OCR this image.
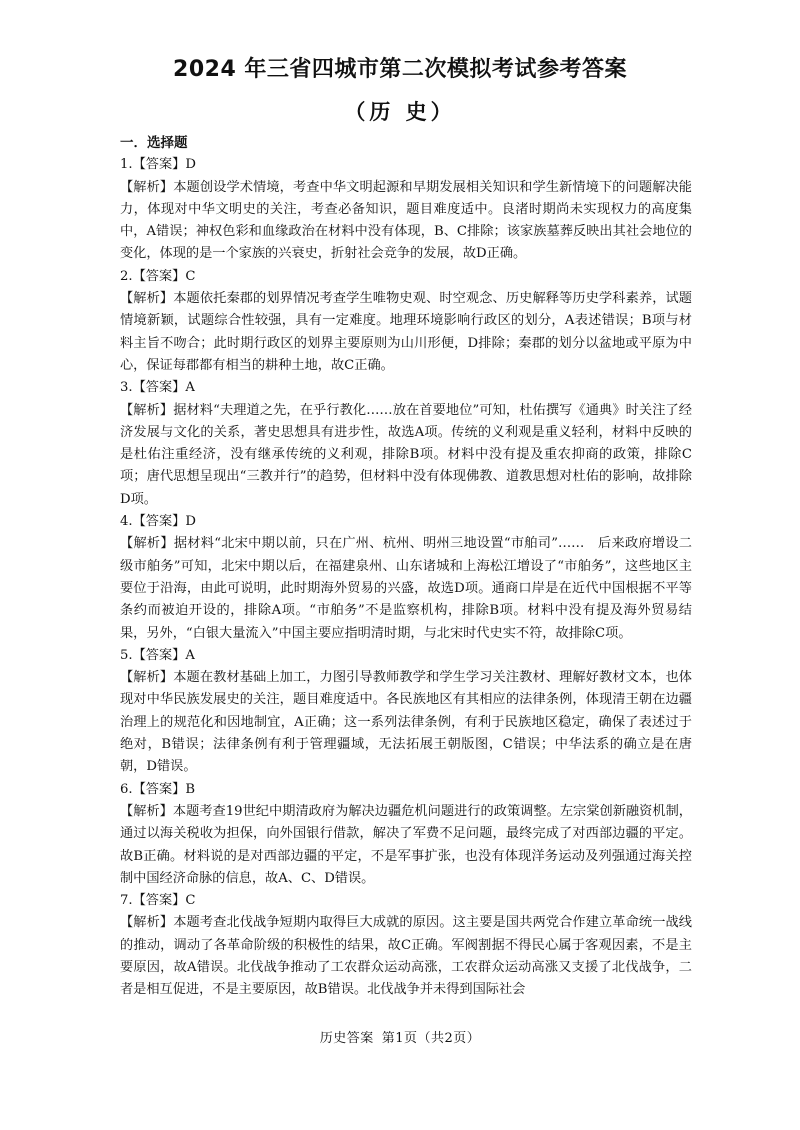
2024 年三省四城市第二次模拟考试参考答案
（历 史）
一．选择题
1.【答案】D
【解析】本题创设学术情境，考查中华文明起源和早期发展相关知识和学生新情境下的问题解决能力，体现对中华文明史的关注，考查必备知识，题目难度适中。良渚时期尚未实现权力的高度集中，A错误；神权色彩和血缘政治在材料中没有体现，B、C排除；该家族墓葬反映出其社会地位的变化，体现的是一个家族的兴衰史，折射社会竞争的发展，故D正确。
2.【答案】C
【解析】本题依托秦郡的划界情况考查学生唯物史观、时空观念、历史解释等历史学科素养，试题情境新颖，试题综合性较强，具有一定难度。地理环境影响行政区的划分，A表述错误；B项与材料主旨不吻合；此时期行政区的划界主要原则为山川形便，D排除；秦郡的划分以盆地或平原为中心，保证每郡都有相当的耕种土地，故C正确。
3.【答案】A
【解析】据材料“夫理道之先，在乎行教化……放在首要地位”可知，杜佑撰写《通典》时关注了经济发展与文化的关系，著史思想具有进步性，故选A项。传统的义利观是重义轻利，材料中反映的是杜佑注重经济，没有继承传统的义利观，排除B项。材料中没有提及重农抑商的政策，排除C项；唐代思想呈现出“三教并行”的趋势，但材料中没有体现佛教、道教思想对杜佑的影响，故排除D项。
4.【答案】D
【解析】据材料“北宋中期以前，只在广州、杭州、明州三地设置“市舶司”……　后来政府增设二级市舶务”可知，北宋中期以后，在福建泉州、山东诸城和上海松江增设了“市舶务”，这些地区主要位于沿海，由此可说明，此时期海外贸易的兴盛，故选D项。通商口岸是在近代中国根据不平等条约而被迫开设的，排除A项。“市舶务”不是监察机构，排除B项。材料中没有提及海外贸易结果，另外，“白银大量流入”中国主要应指明清时期，与北宋时代史实不符，故排除C项。
5.【答案】A
【解析】本题在教材基础上加工，力图引导教师教学和学生学习关注教材、理解好教材文本，也体现对中华民族发展史的关注，题目难度适中。各民族地区有其相应的法律条例，体现清王朝在边疆治理上的规范化和因地制宜，A正确；这一系列法律条例，有利于民族地区稳定，确保了表述过于绝对，B错误；法律条例有利于管理疆域，无法拓展王朝版图，C错误；中华法系的确立是在唐朝，D错误。
6.【答案】B
【解析】本题考查19世纪中期清政府为解决边疆危机问题进行的政策调整。左宗棠创新融资机制，通过以海关税收为担保，向外国银行借款，解决了军费不足问题，最终完成了对西部边疆的平定。故B正确。材料说的是对西部边疆的平定，不是军事扩张，也没有体现洋务运动及列强通过海关控制中国经济命脉的信息，故A、C、D错误。
7.【答案】C
【解析】本题考查北伐战争短期内取得巨大成就的原因。这主要是国共两党合作建立革命统一战线的推动，调动了各革命阶级的积极性的结果，故C正确。军阀割据不得民心属于客观因素，不是主要原因，故A错误。北伐战争推动了工农群众运动高涨，工农群众运动高涨又支援了北伐战争，二者是相互促进，不是主要原因，故B错误。北伐战争并未得到国际社会
历史答案 第1页（共2页）
